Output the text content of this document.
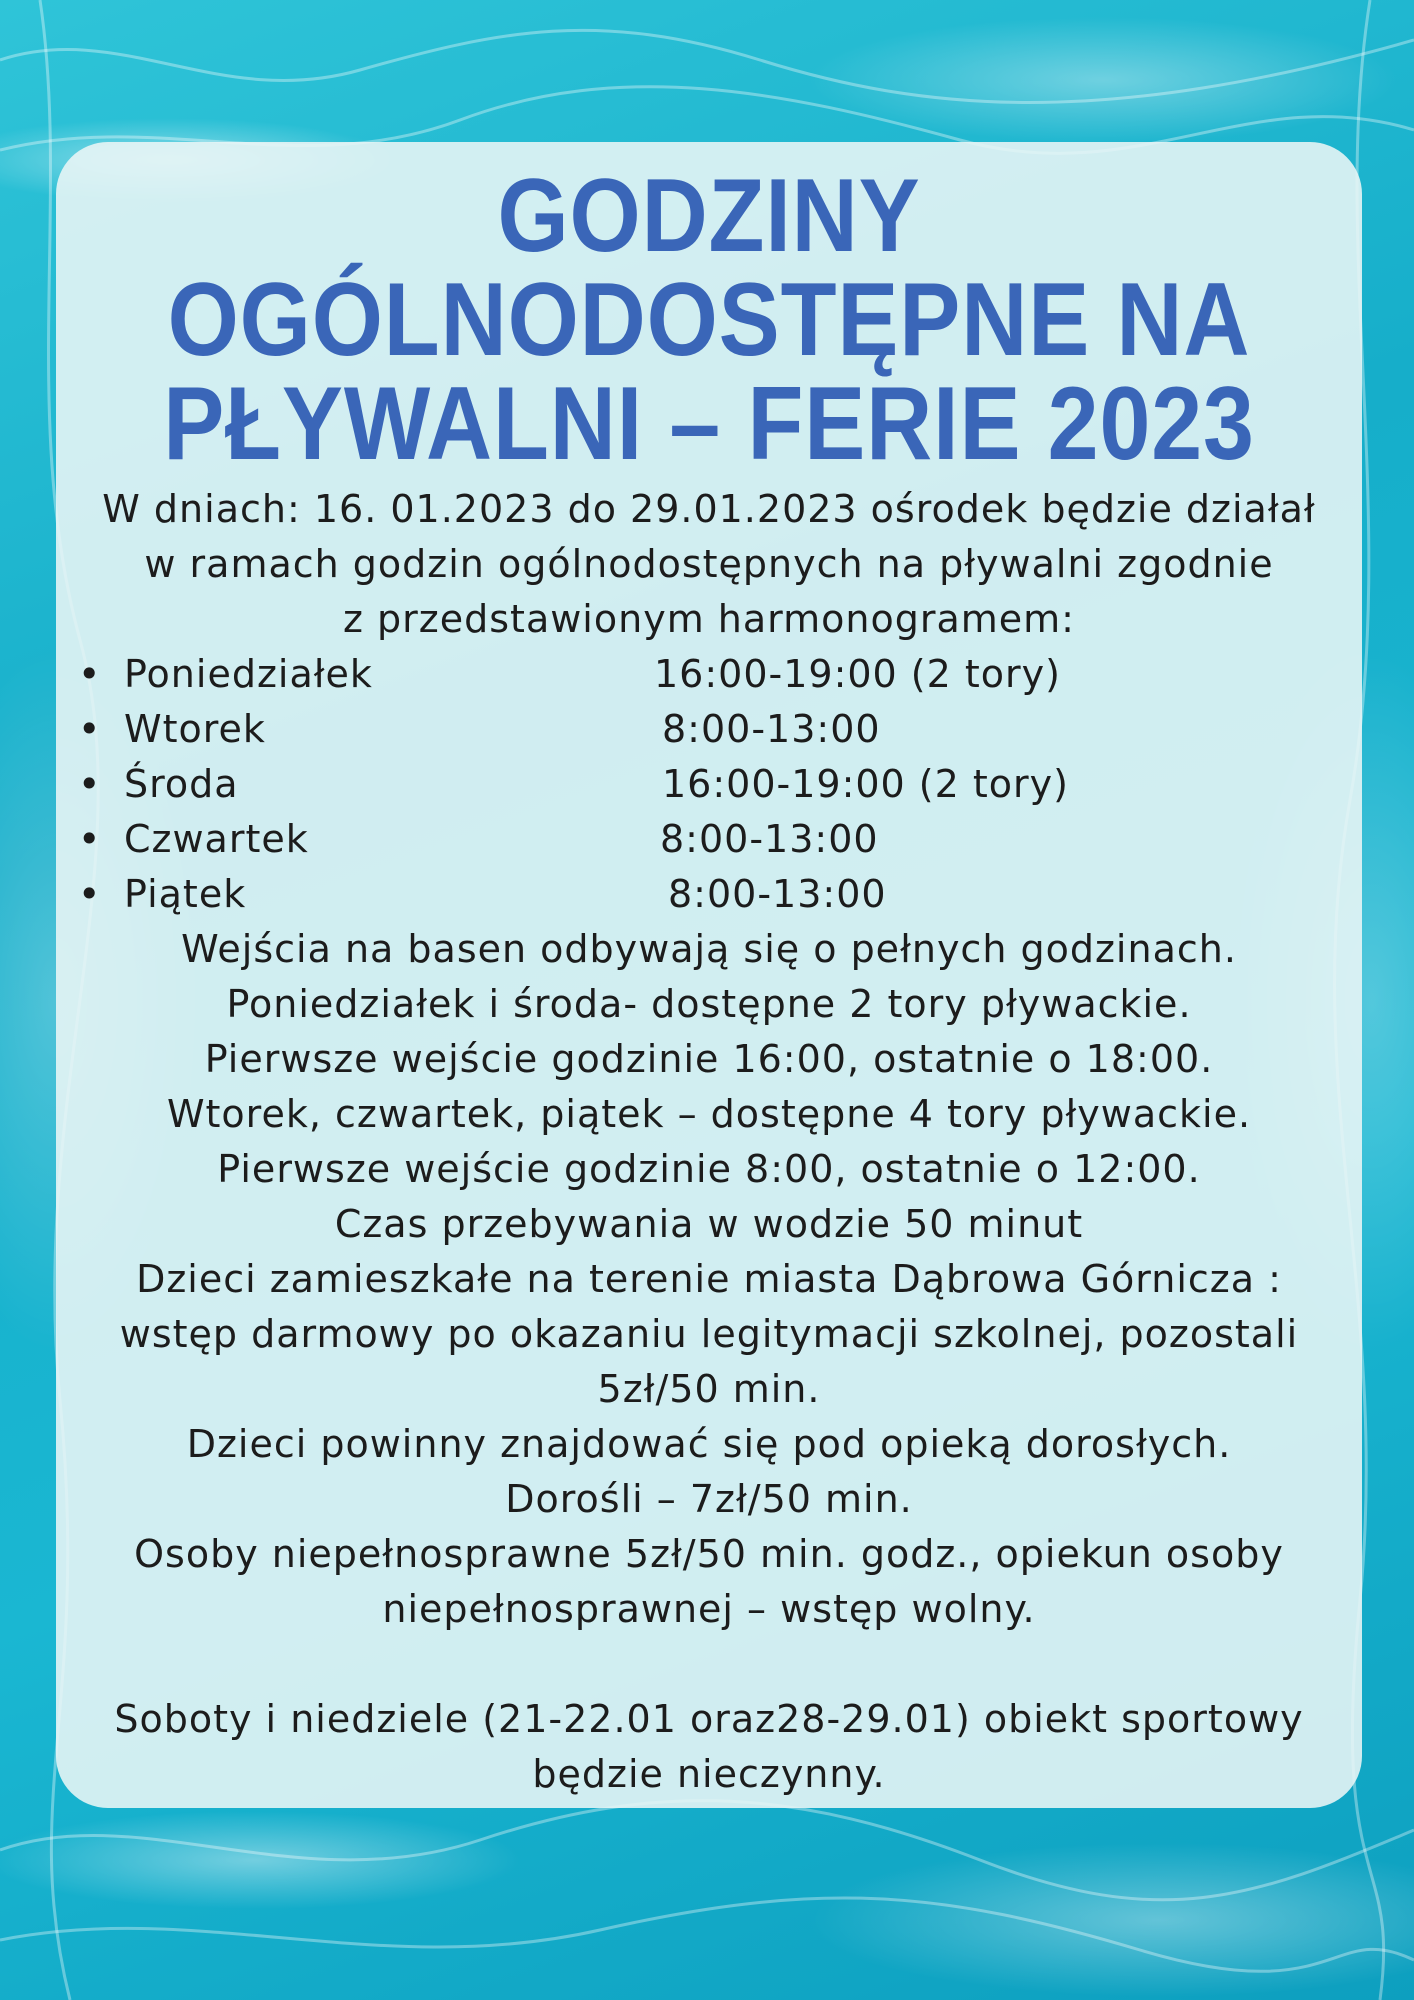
GODZINY
OGÓLNODOSTĘPNE NA
PŁYWALNI – FERIE 2023

W dniach: 16. 01.2023 do 29.01.2023 ośrodek będzie działał

w ramach godzin ogólnodostępnych na pływalni zgodnie

z przedstawionym harmonogramem:

• Poniedziałek	16:00-19:00 (2 tory)
• Wtorek	8:00-13:00
• Środa	16:00-19:00 (2 tory)
• Czwartek	8:00-13:00
• Piątek	8:00-13:00

Wejścia na basen odbywają się o pełnych godzinach.

Poniedziałek i środa- dostępne 2 tory pływackie.

Pierwsze wejście godzinie 16:00, ostatnie o 18:00.

Wtorek, czwartek, piątek – dostępne 4 tory pływackie.

Pierwsze wejście godzinie 8:00, ostatnie o 12:00.

Czas przebywania w wodzie 50 minut

Dzieci zamieszkałe na terenie miasta Dąbrowa Górnicza :

wstęp darmowy po okazaniu legitymacji szkolnej, pozostali

5zł/50 min.

Dzieci powinny znajdować się pod opieką dorosłych.

Dorośli – 7zł/50 min.

Osoby niepełnosprawne 5zł/50 min. godz., opiekun osoby

niepełnosprawnej – wstęp wolny.

Soboty i niedziele (21-22.01 oraz28-29.01) obiekt sportowy

będzie nieczynny.
